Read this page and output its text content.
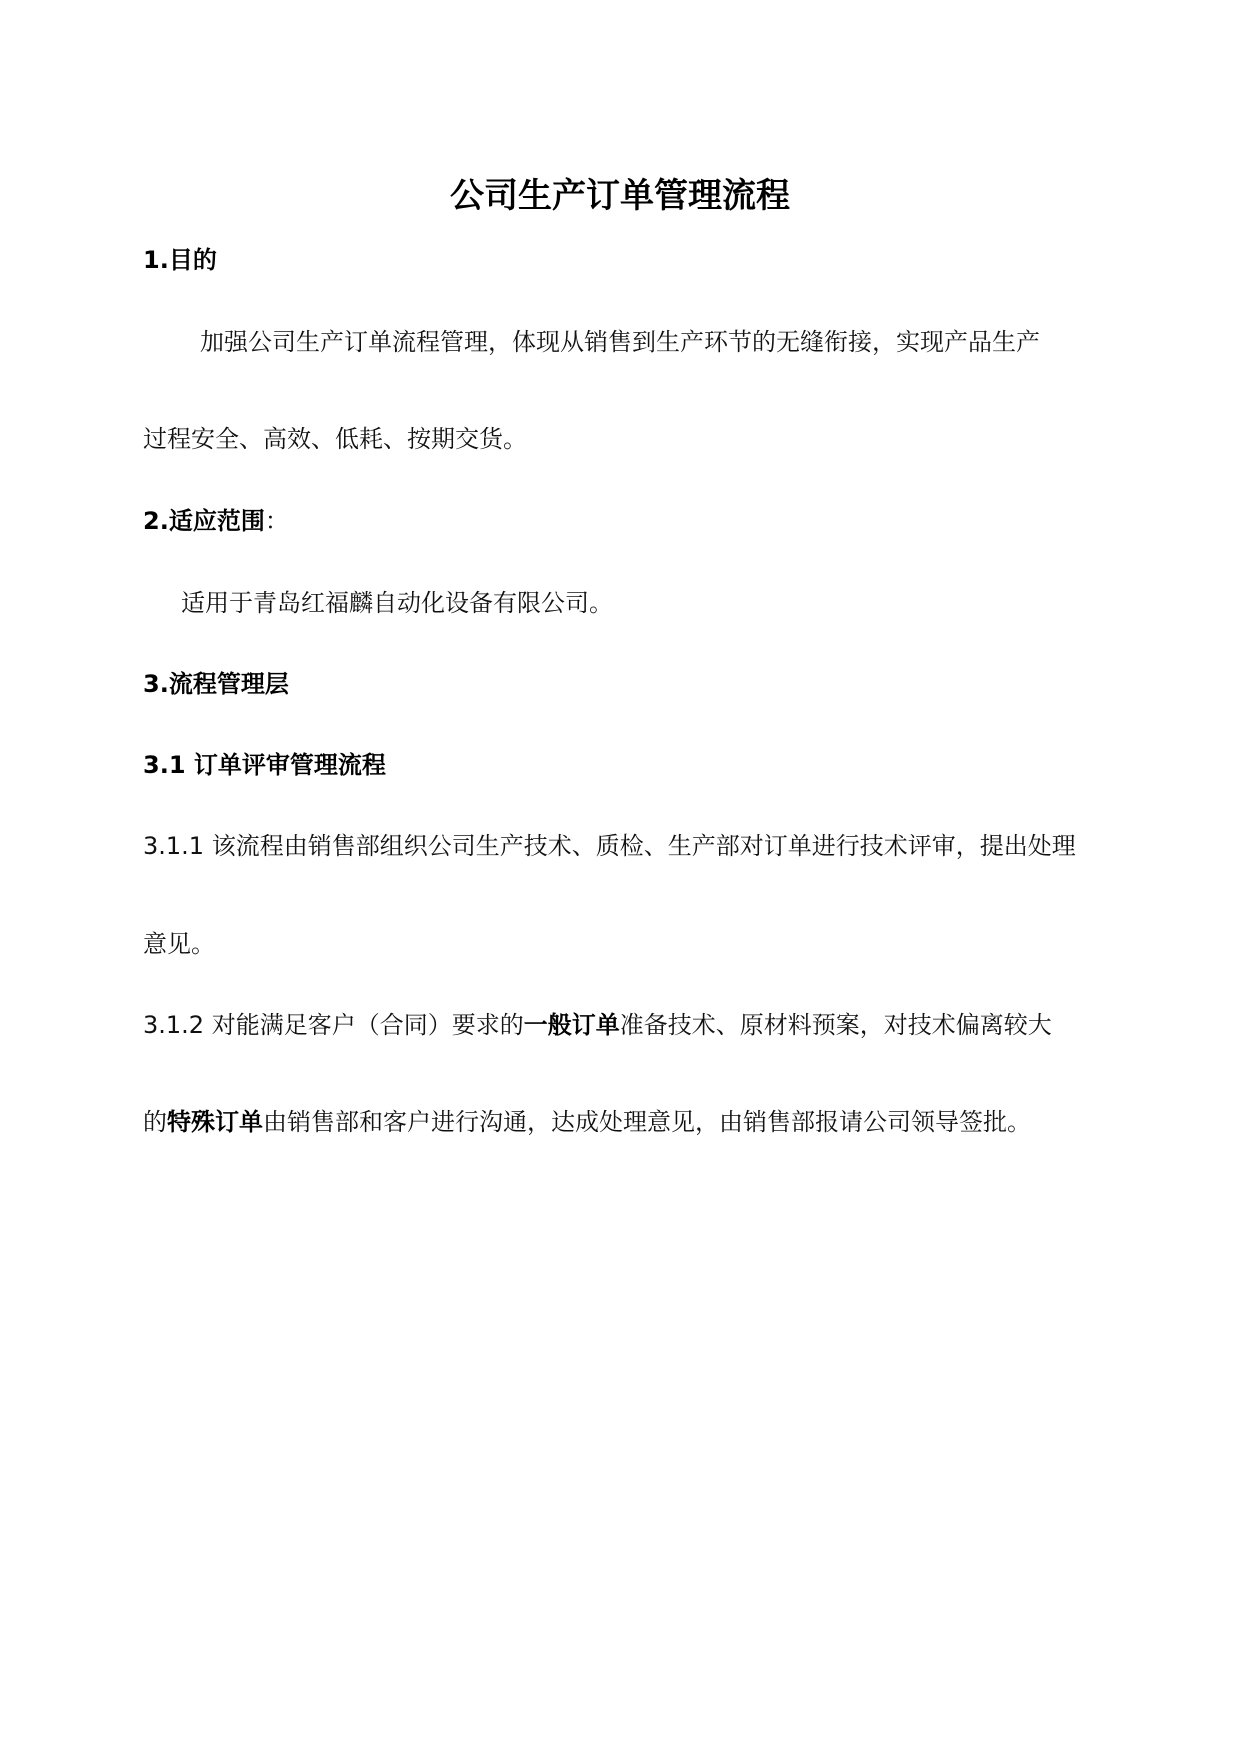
公司生产订单管理流程
1.目的
加强公司生产订单流程管理，体现从销售到生产环节的无缝衔接，实现产品生产
过程安全、高效、低耗、按期交货。
2.适应范围：
适用于青岛红福麟自动化设备有限公司。
3.流程管理层
3.1 订单评审管理流程
3.1.1 该流程由销售部组织公司生产技术、质检、生产部对订单进行技术评审，提出处理
意见。
3.1.2 对能满足客户（合同）要求的一般订单准备技术、原材料预案，对技术偏离较大
的特殊订单由销售部和客户进行沟通，达成处理意见，由销售部报请公司领导签批。
